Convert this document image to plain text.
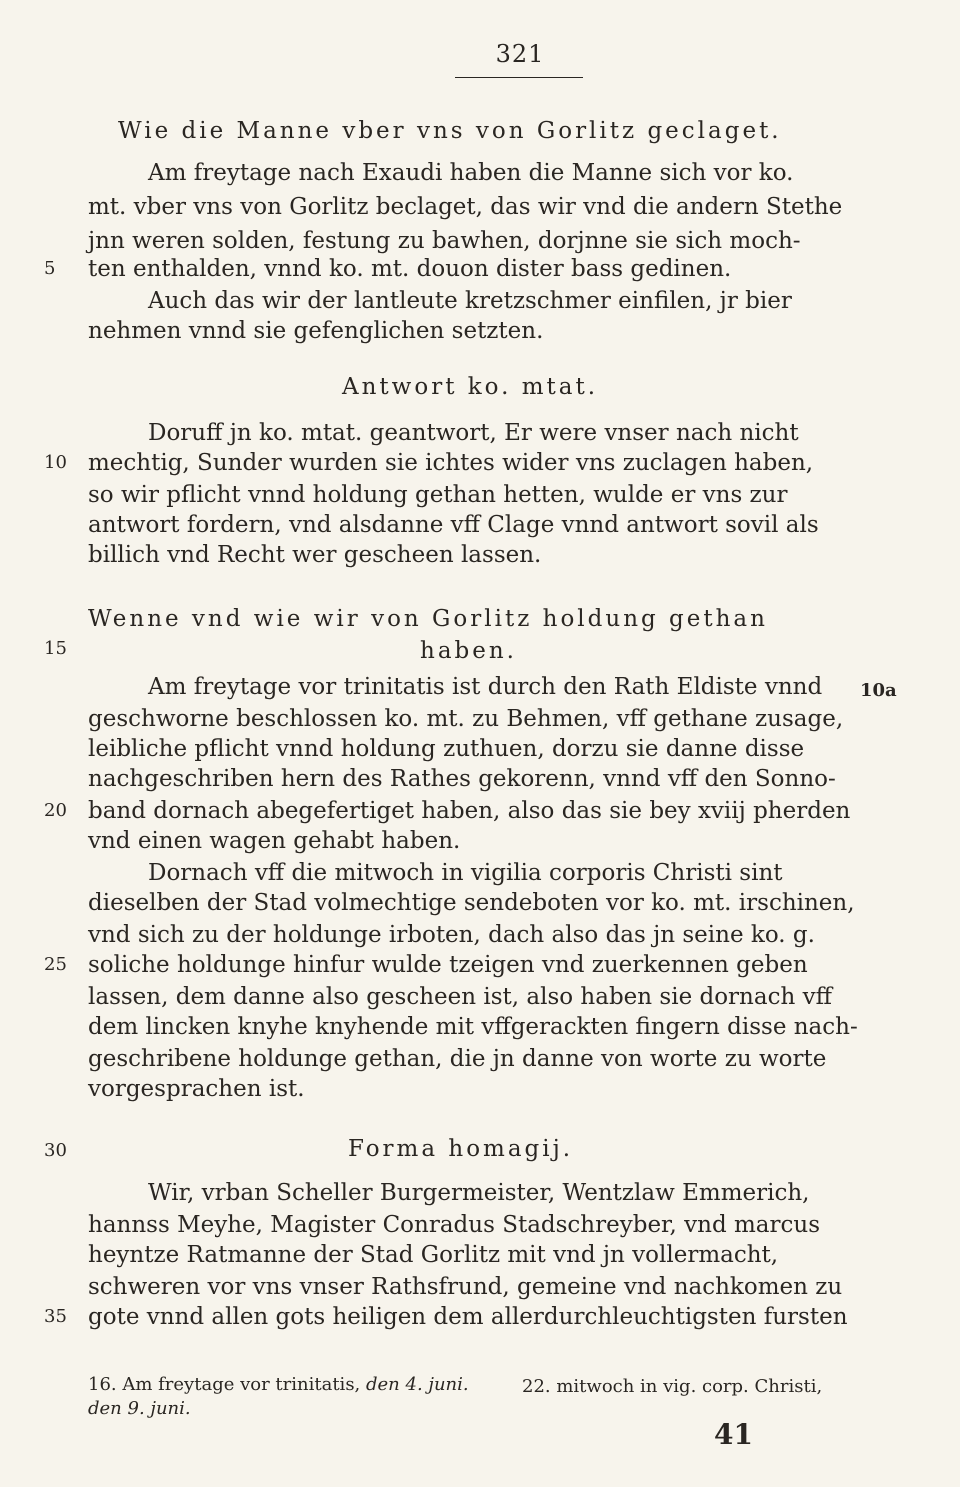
321
Wie die Manne vber vns von Gorlitz geclaget.
Am freytage nach Exaudi haben die Manne sich vor ko.
mt. vber vns von Gorlitz beclaget, das wir vnd die andern Stethe
jnn weren solden, festung zu bawhen, dorjnne sie sich moch-
5	ten enthalden, vnnd ko. mt. douon dister bass gedinen.
Auch das wir der lantleute kretzschmer einfilen, jr bier
nehmen vnnd sie gefenglichen setzten.
Antwort ko. mtat.
Doruff jn ko. mtat. geantwort, Er were vnser nach nicht
10 mechtig, Sunder wurden sie ichtes wider vns zuclagen haben,
so wir pflicht vnnd holdung gethan hetten, wulde er vns zur
antwort fordern, vnd alsdanne vff Clage vnnd antwort sovil als
billich vnd Recht wer gescheen lassen.
Wenne vnd wie wir von Gorlitz holdung gethan
15	haben.
Am freytage vor trinitatis ist durch den Rath Eldiste vnnd 10a
geschworne beschlossen ko. mt. zu Behmen, vff gethane zusage,
leibliche pflicht vnnd holdung zuthuen, dorzu sie danne disse
nachgeschriben hern des Rathes gekorenn, vnnd vff den Sonno-
20 band dornach abegefertiget haben, also das sie bey xviij pherden
vnd einen wagen gehabt haben.
Dornach vff die mitwoch in vigilia corporis Christi sint
dieselben der Stad volmechtige sendeboten vor ko. mt. irschinen,
vnd sich zu der holdunge irboten, dach also das jn seine ko. g.
25 soliche holdunge hinfur wulde tzeigen vnd zuerkennen geben
lassen, dem danne also gescheen ist, also haben sie dornach vff
dem lincken knyhe knyhende mit vffgerackten fingern disse nach-
geschribene holdunge gethan, die jn danne von worte zu worte
vorgesprachen ist.
30	Forma homagij.
Wir, vrban Scheller Burgermeister, Wentzlaw Emmerich,
hannss Meyhe, Magister Conradus Stadschreyber, vnd marcus
heyntze Ratmanne der Stad Gorlitz mit vnd jn vollermacht,
schweren vor vns vnser Rathsfrund, gemeine vnd nachkomen zu
35 gote vnnd allen gots heiligen dem allerdurchleuchtigsten fursten
16. Am freytage vor trinitatis, den 4. juni.	22. mitwoch in vig. corp. Christi,
den 9. juni.
41
